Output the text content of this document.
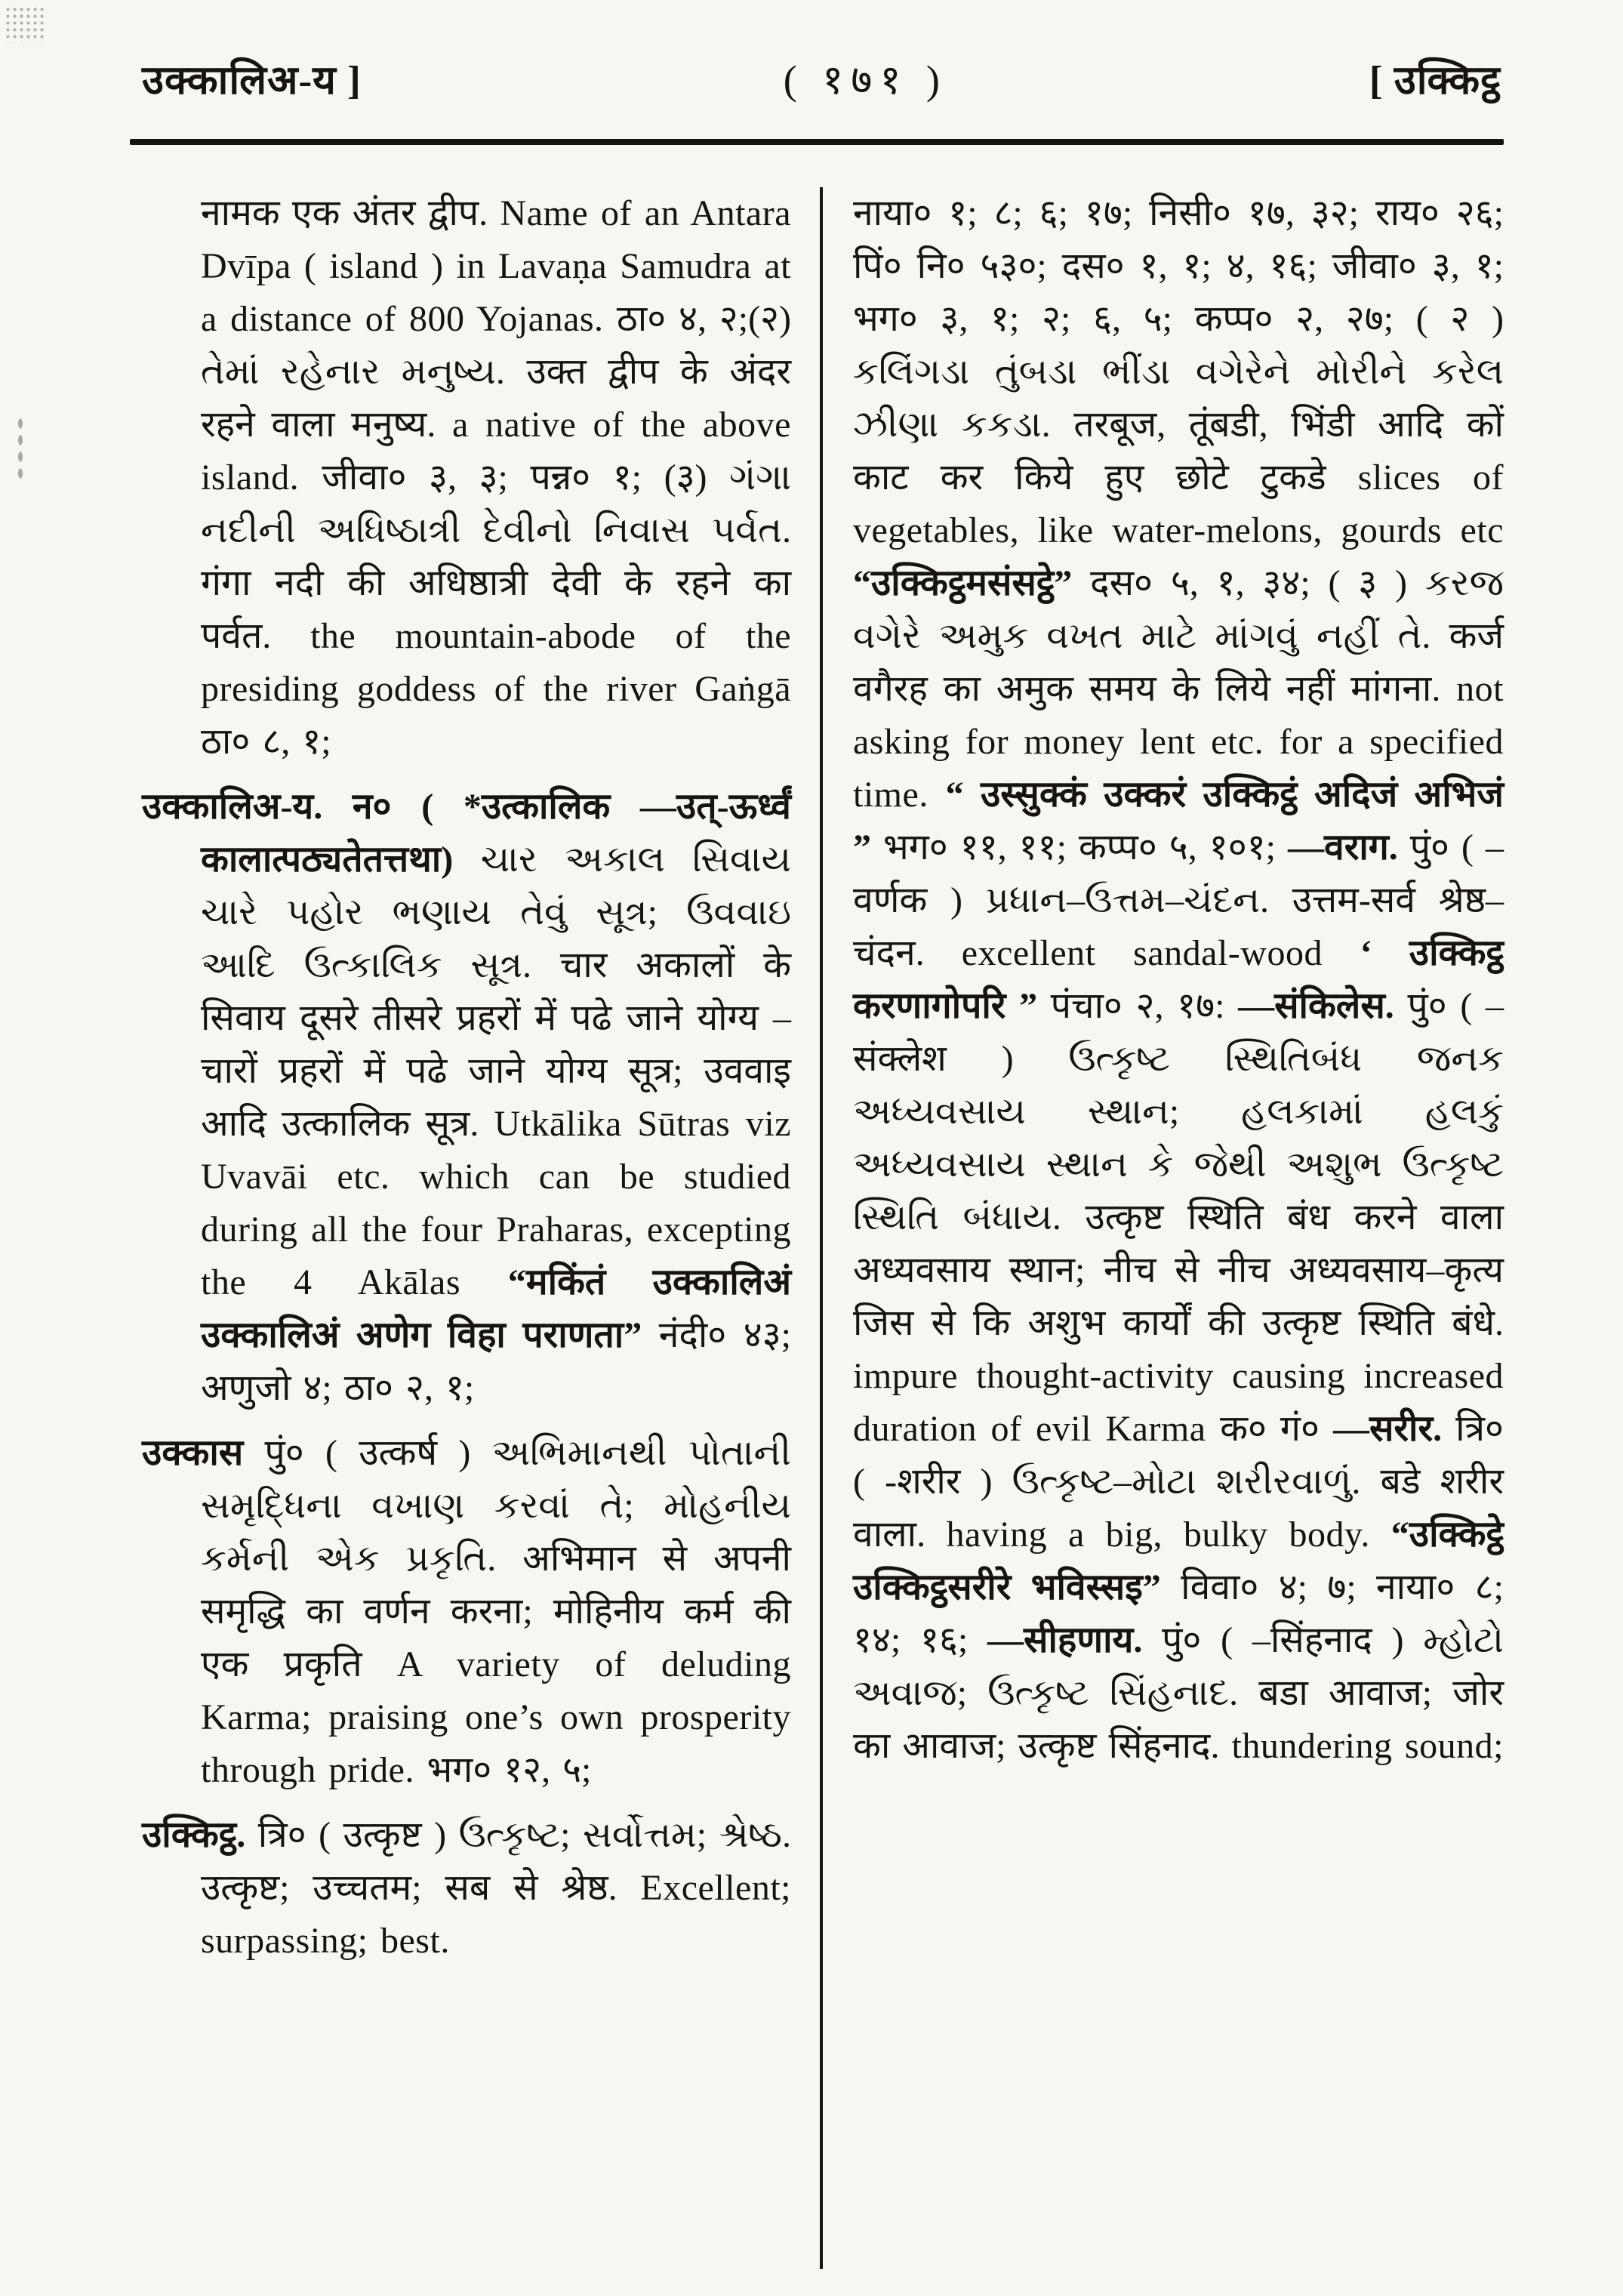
उक्कालिअ-य ]	( १७१ )	[ उक्किट्ठ

नामक एक अंतर द्वीप. Name of an Antara Dvīpa ( island ) in Lavaṇa Samudra at a distance of 800 Yojanas. ठा० ४, २;(२) તેમાં રહેનાર મનુષ્ય. उक्त द्वीप के अंदर रहने वाला मनुष्य. a native of the above island. जीवा० ३, ३; पन्न० १; (३) ગંગા નદીની અધિષ્ઠાત્રી દેવીનો નિવાસ પર્વત. गंगा नदी की अधिष्ठात्री देवी के रहने का पर्वत. the mountain-abode of the presiding goddess of the river Gaṅgā ठा० ८, १;

उक्कालिअ-य. न० ( *उत्कालिक —उत्-ऊर्ध्वं कालात्पठ्यतेतत्तथा) ચાર અકાલ સિવાય ચારે પહોર ભણાય તેવું સૂત્ર; ઉવવાઇ આદિ ઉત્કાલિક સૂત્ર. चार अकालों के सिवाय दूसरे तीसरे प्रहरों में पढे जाने योग्य –चारों प्रहरों में पढे जाने योग्य सूत्र; उववाइ आदि उत्कालिक सूत्र. Utkālika Sūtras viz Uvavāi etc. which can be studied during all the four Praharas, excepting the 4 Akālas “मकिंतं उक्कालिअं उक्कालिअं अणेग विहा पराणता” नंदी० ४३; अणुजो ४; ठा० २, १;

उक्कास पुं० ( उत्कर्ष ) અભિમાનથી પોતાની સમૃદ્ધિના વખાણ કરવાં તે; મોહનીય કર્મની એક પ્રકૃતિ. अभिमान से अपनी समृद्धि का वर्णन करना; मोहिनीय कर्म की एक प्रकृति A variety of deluding Karma; praising one’s own prosperity through pride. भग० १२, ५;

उक्किट्ठ. त्रि० ( उत्कृष्ट ) ઉત્કૃષ્ટ; સર્વોત્તમ; શ્રેષ્ઠ. उत्कृष्ट; उच्चतम; सब से श्रेष्ठ. Excellent; surpassing; best.

नाया० १; ८; ६; १७; निसी० १७, ३२; राय० २६; पिं० नि० ५३०; दस० १, १; ४, १६; जीवा० ३, १; भग० ३, १; २; ६, ५; कप्प० २, २७; ( २ ) કલિંગડા તુંબડા ભીંડા વગેરેને મોરીને કરેલ ઝીણા કકડા. तरबूज, तूंबडी, भिंडी आदि कों काट कर किये हुए छोटे टुकडे slices of vegetables, like water-melons, gourds etc “उक्किट्ठमसंसट्ठे” दस० ५, १, ३४; ( ३ ) કરજ વગેરે અમુક વખત માટે માંગવું નહીં તે. कर्ज वगैरह का अमुक समय के लिये नहीं मांगना. not asking for money lent etc. for a specified time. “ उस्सुक्कं उक्करं उक्किट्ठं अदिजं अभिजं ” भग० ११, ११; कप्प० ५, १०१; —वराग. पुं० ( –वर्णक ) પ્રધાન–ઉત્તમ–ચંદન. उत्तम-सर्व श्रेष्ठ–चंदन. excellent sandal-wood ‘ उक्किट्ठ करणागोपरि ” पंचा० २, १७: —संकिलेस. पुं० ( –संक्लेश ) ઉત્કૃષ્ટ સ્થિતિબંધ જનક અધ્યવસાય સ્થાન; હલકામાં હલકું અધ્યવસાય સ્થાન કે જેથી અશુભ ઉત્કૃષ્ટ સ્થિતિ બંધાય. उत्कृष्ट स्थिति बंध करने वाला अध्यवसाय स्थान; नीच से नीच अध्यवसाय–कृत्य जिस से कि अशुभ कार्यों की उत्कृष्ट स्थिति बंधे. impure thought-activity causing increased duration of evil Karma क० गं० —सरीर. त्रि० ( -शरीर ) ઉત્કૃષ્ટ–મોટા શરીરવાળું. बडे शरीर वाला. having a big, bulky body. “उक्किट्ठे उक्किट्ठसरीरे भविस्सइ” विवा० ४; ७; नाया० ८; १४; १६; —सीहणाय. पुं० ( –सिंहनाद ) મ્હોટો અવાજ; ઉત્કૃષ્ટ સિંહનાદ. बडा आवाज; जोर का आवाज; उत्कृष्ट सिंहनाद. thundering sound;
